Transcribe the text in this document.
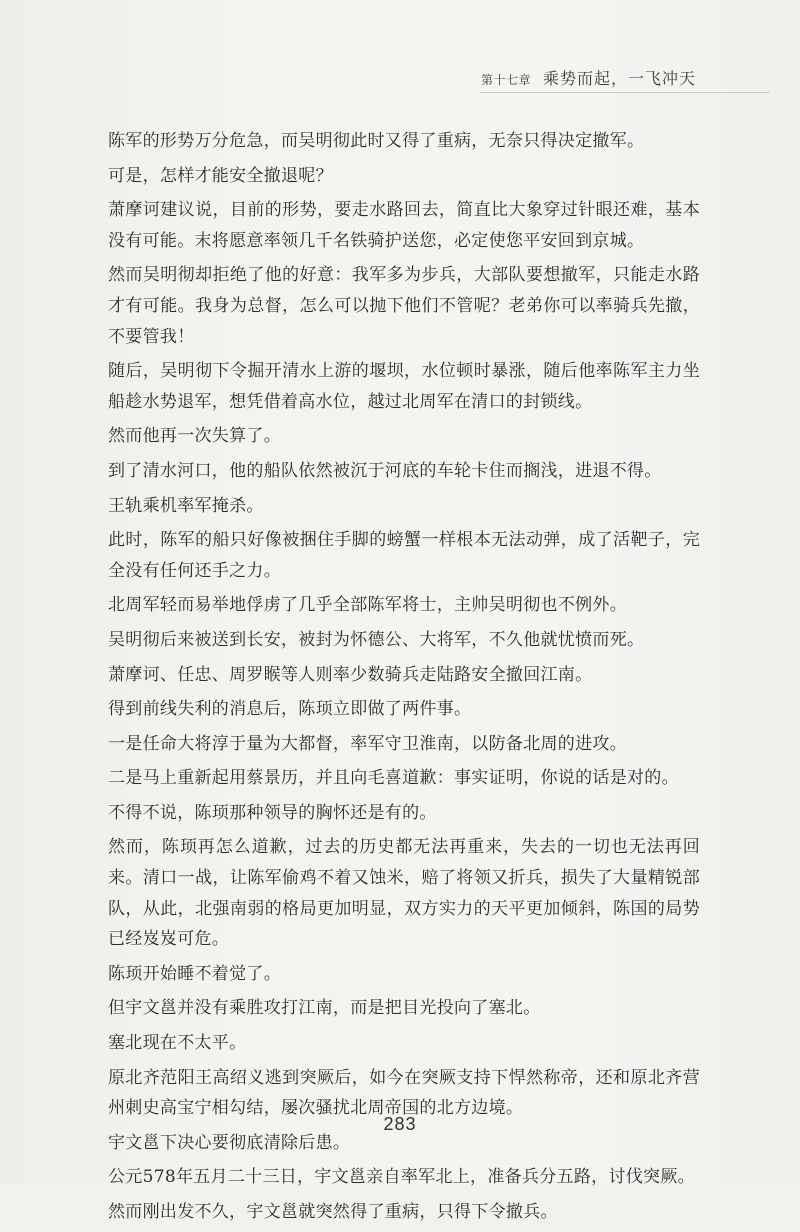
第十七章 乘势而起，一飞冲天

陈军的形势万分危急，而吴明彻此时又得了重病，无奈只得决定撤军。

可是，怎样才能安全撤退呢？

萧摩诃建议说，目前的形势，要走水路回去，简直比大象穿过针眼还难，基本没有可能。末将愿意率领几千名铁骑护送您，必定使您平安回到京城。

然而吴明彻却拒绝了他的好意：我军多为步兵，大部队要想撤军，只能走水路才有可能。我身为总督，怎么可以抛下他们不管呢？老弟你可以率骑兵先撤，不要管我！

随后，吴明彻下令掘开清水上游的堰坝，水位顿时暴涨，随后他率陈军主力坐船趁水势退军，想凭借着高水位，越过北周军在清口的封锁线。

然而他再一次失算了。

到了清水河口，他的船队依然被沉于河底的车轮卡住而搁浅，进退不得。

王轨乘机率军掩杀。

此时，陈军的船只好像被捆住手脚的螃蟹一样根本无法动弹，成了活靶子，完全没有任何还手之力。

北周军轻而易举地俘虏了几乎全部陈军将士，主帅吴明彻也不例外。

吴明彻后来被送到长安，被封为怀德公、大将军，不久他就忧愤而死。

萧摩诃、任忠、周罗睺等人则率少数骑兵走陆路安全撤回江南。

得到前线失利的消息后，陈顼立即做了两件事。

一是任命大将淳于量为大都督，率军守卫淮南，以防备北周的进攻。

二是马上重新起用蔡景历，并且向毛喜道歉：事实证明，你说的话是对的。

不得不说，陈顼那种领导的胸怀还是有的。

然而，陈顼再怎么道歉，过去的历史都无法再重来，失去的一切也无法再回来。清口一战，让陈军偷鸡不着又蚀米，赔了将领又折兵，损失了大量精锐部队，从此，北强南弱的格局更加明显，双方实力的天平更加倾斜，陈国的局势已经岌岌可危。

陈顼开始睡不着觉了。

但宇文邕并没有乘胜攻打江南，而是把目光投向了塞北。

塞北现在不太平。

原北齐范阳王高绍义逃到突厥后，如今在突厥支持下悍然称帝，还和原北齐营州刺史高宝宁相勾结，屡次骚扰北周帝国的北方边境。

宇文邕下决心要彻底清除后患。

公元578年五月二十三日，宇文邕亲自率军北上，准备兵分五路，讨伐突厥。

然而刚出发不久，宇文邕就突然得了重病，只得下令撤兵。

283
